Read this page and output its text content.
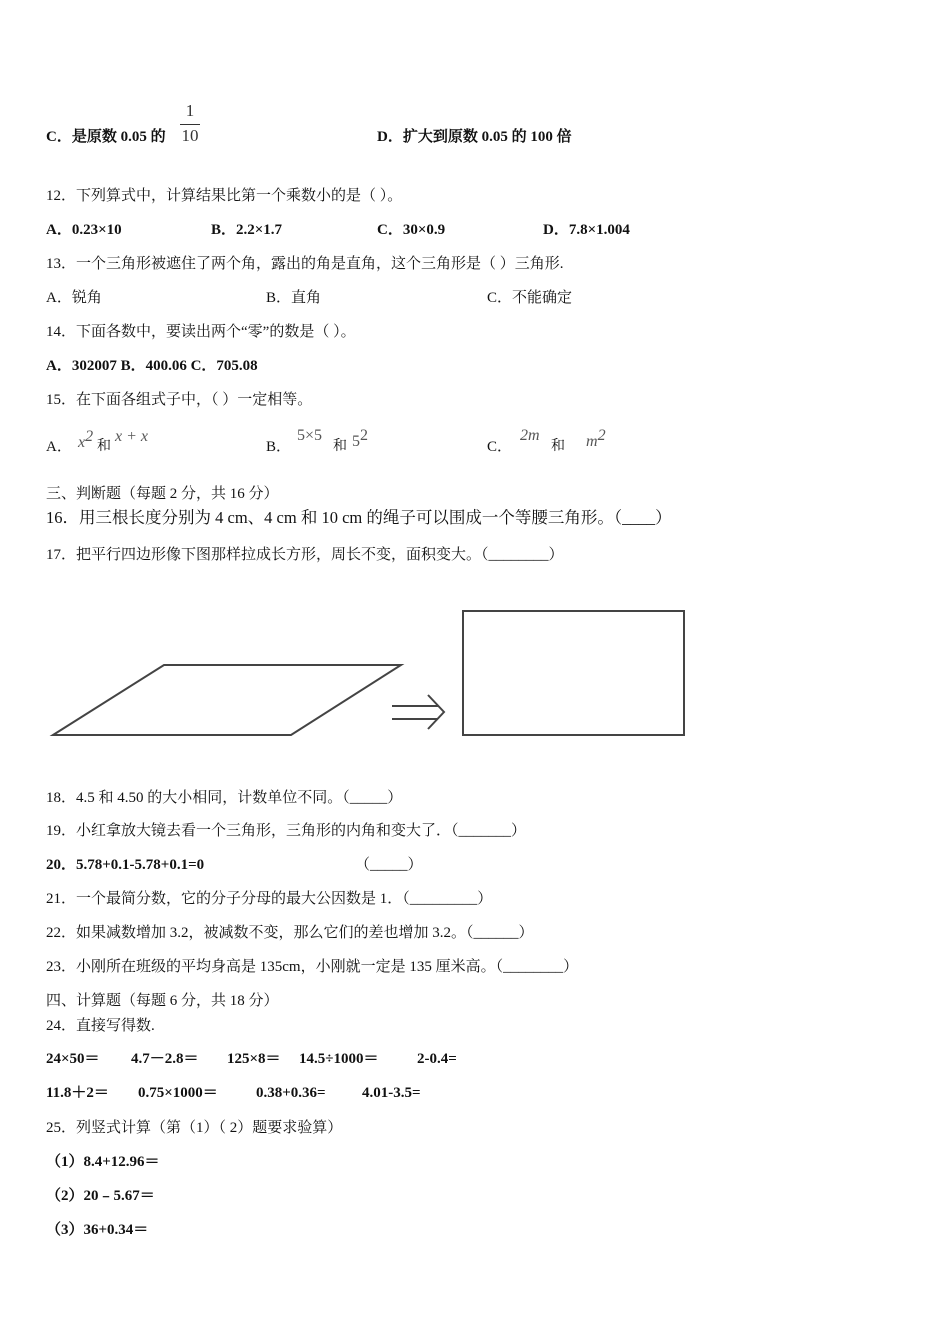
C．是原数 0.05 的
1
10	D．扩大到原数 0.05 的 100 倍
12．下列算式中，计算结果比第一个乘数小的是（ ）。
A．0.23×10	B．2.2×1.7	C．30×0.9	D．7.8×1.004
13．一个三角形被遮住了两个角，露出的角是直角，这个三角形是（ ）三角形.
A．锐角	B．直角	C．不能确定
14．下面各数中，要读出两个“零”的数是（ ）。
A．302007 B．400.06 C．705.08
15．在下面各组式子中，（ ）一定相等。
A． x2
和
x + x
B．
5×5
和 52
C．
2m
和 m2
三、判断题（每题 2 分，共 16 分）
16．用三根长度分别为 4 cm、4 cm 和 10 cm 的绳子可以围成一个等腰三角形。（____）
17．把平行四边形像下图那样拉成长方形，周长不变，面积变大。（________）
18．4.5 和 4.50 的大小相同，计数单位不同。（_____）
19．小红拿放大镜去看一个三角形，三角形的内角和变大了．（_______）
20．5.78+0.1-5.78+0.1=0	（_____）
21．一个最简分数，它的分子分母的最大公因数是 1．（_________）
22．如果减数增加 3.2，被减数不变，那么它们的差也增加 3.2。（______）
23．小刚所在班级的平均身高是 135cm，小刚就一定是 135 厘米高。（________）
四、计算题（每题 6 分，共 18 分）
24．直接写得数.
24×50＝ 4.7－2.8＝ 125×8＝ 14.5÷1000＝	2-0.4=
11.8＋2＝ 0.75×1000＝	0.38+0.36= 4.01-3.5=
25．列竖式计算（第（1）（ 2）题要求验算）
（1）8.4+12.96＝
（2）20﹣5.67＝
（3）36+0.34＝
